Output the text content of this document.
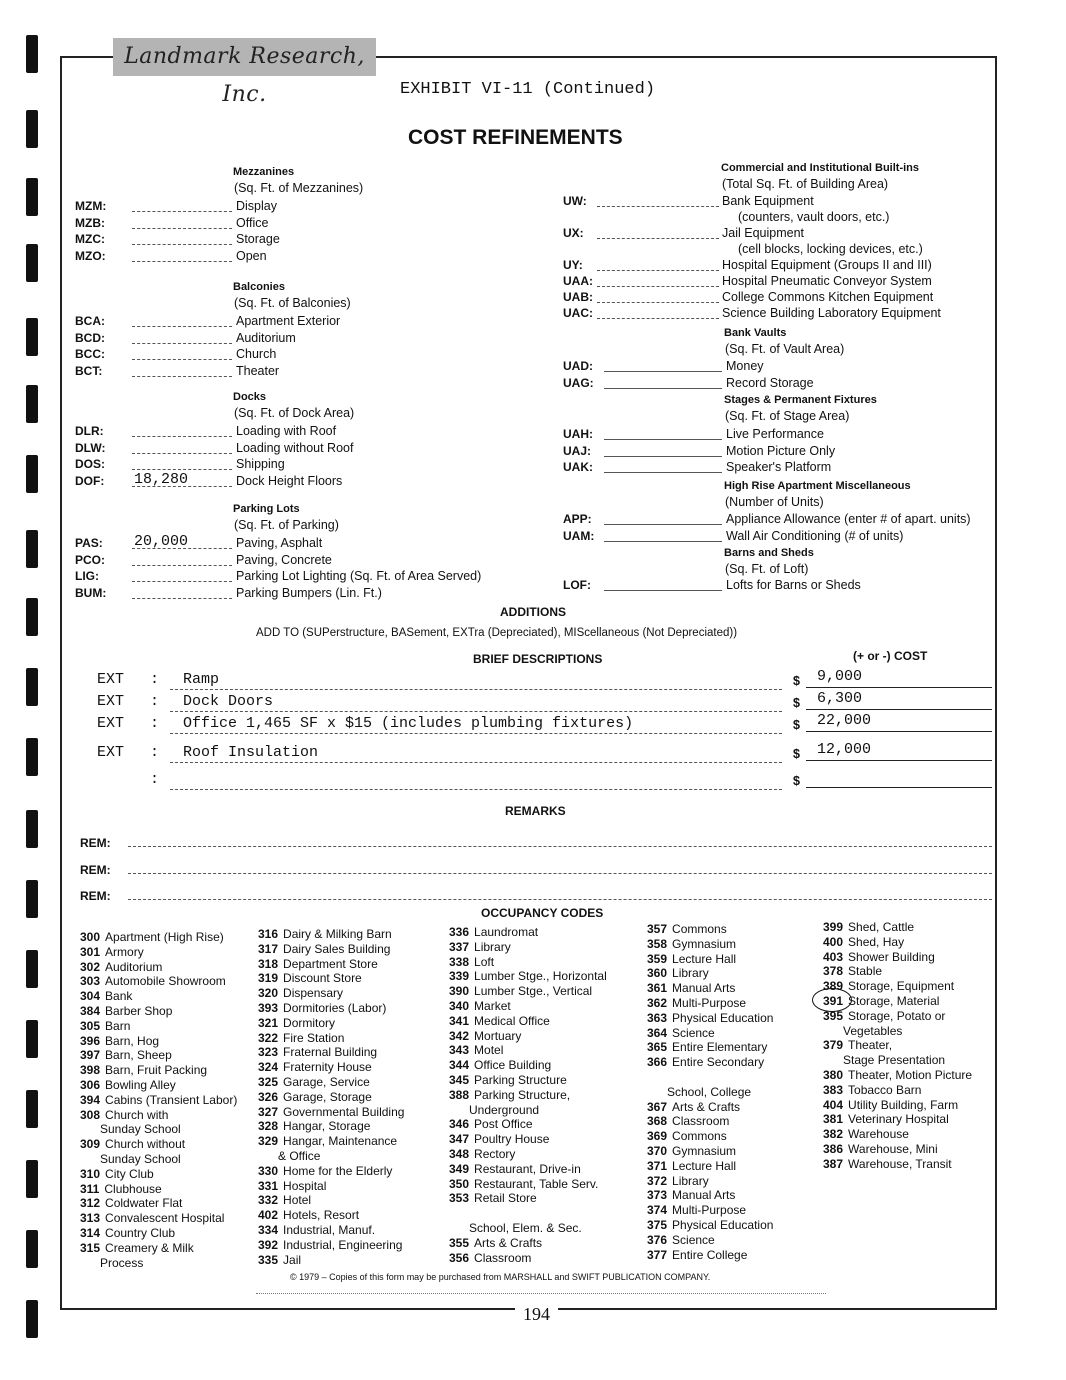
Landmark Research, Inc.	EXHIBIT VI-11 (Continued)
COST REFINEMENTS
Mezzanines
(Sq. Ft. of Mezzanines)
MZM:	Display
MZB:	Office
MZC:	Storage
MZO:	Open
Balconies
(Sq. Ft. of Balconies)
BCA:	Apartment Exterior
BCD:	Auditorium
BCC:	Church
BCT:	Theater
Docks
(Sq. Ft. of Dock Area)
DLR:	Loading with Roof
DLW:	Loading without Roof
DOS:	Shipping
DOF: 18,280	Dock Height Floors
Parking Lots
(Sq. Ft. of Parking)
PAS: 20,000	Paving, Asphalt
PCO:	Paving, Concrete
LIG:	Parking Lot Lighting (Sq. Ft. of Area Served)
BUM:	Parking Bumpers (Lin. Ft.)
Commercial and Institutional Built-ins
(Total Sq. Ft. of Building Area)
UW:	Bank Equipment
(counters, vault doors, etc.)
UX:	Jail Equipment
(cell blocks, locking devices, etc.)
UY:	Hospital Equipment (Groups II and III)
UAA:	Hospital Pneumatic Conveyor System
UAB:	College Commons Kitchen Equipment
UAC:	Science Building Laboratory Equipment
Bank Vaults
(Sq. Ft. of Vault Area)
UAD:	Money
UAG:	Record Storage
Stages & Permanent Fixtures
(Sq. Ft. of Stage Area)
UAH:	Live Performance
UAJ:	Motion Picture Only
UAK:	Speaker's Platform
High Rise Apartment Miscellaneous
(Number of Units)
APP:	Appliance Allowance (enter # of apart. units)
UAM:	Wall Air Conditioning (# of units)
Barns and Sheds
(Sq. Ft. of Loft)
LOF:	Lofts for Barns or Sheds
ADDITIONS
ADD TO (SUPerstructure, BASement, EXTra (Depreciated), MIScellaneous (Not Depreciated))
BRIEF DESCRIPTIONS	(+ or -) COST
EXT : Ramp	$ 9,000
EXT : Dock Doors	$ 6,300
EXT : Office 1,465 SF x $15 (includes plumbing fixtures)	$ 22,000
EXT : Roof Insulation	$ 12,000
:	$
REMARKS
REM:
REM:
REM:
OCCUPANCY CODES
300 Apartment (High Rise)
301 Armory
302 Auditorium
303 Automobile Showroom
304 Bank
384 Barber Shop
305 Barn
396 Barn, Hog
397 Barn, Sheep
398 Barn, Fruit Packing
306 Bowling Alley
394 Cabins (Transient Labor)
308 Church with
Sunday School
309 Church without
Sunday School
310 City Club
311 Clubhouse
312 Coldwater Flat
313 Convalescent Hospital
314 Country Club
315 Creamery & Milk
Process
316 Dairy & Milking Barn
317 Dairy Sales Building
318 Department Store
319 Discount Store
320 Dispensary
393 Dormitories (Labor)
321 Dormitory
322 Fire Station
323 Fraternal Building
324 Fraternity House
325 Garage, Service
326 Garage, Storage
327 Governmental Building
328 Hangar, Storage
329 Hangar, Maintenance
& Office
330 Home for the Elderly
331 Hospital
332 Hotel
402 Hotels, Resort
334 Industrial, Manuf.
392 Industrial, Engineering
335 Jail
336 Laundromat
337 Library
338 Loft
339 Lumber Stge., Horizontal
390 Lumber Stge., Vertical
340 Market
341 Medical Office
342 Mortuary
343 Motel
344 Office Building
345 Parking Structure
388 Parking Structure,
Underground
346 Post Office
347 Poultry House
348 Rectory
349 Restaurant, Drive-in
350 Restaurant, Table Serv.
353 Retail Store
School, Elem. & Sec.
355 Arts & Crafts
356 Classroom
357 Commons
358 Gymnasium
359 Lecture Hall
360 Library
361 Manual Arts
362 Multi-Purpose
363 Physical Education
364 Science
365 Entire Elementary
366 Entire Secondary
School, College
367 Arts & Crafts
368 Classroom
369 Commons
370 Gymnasium
371 Lecture Hall
372 Library
373 Manual Arts
374 Multi-Purpose
375 Physical Education
376 Science
377 Entire College
399 Shed, Cattle
400 Shed, Hay
403 Shower Building
378 Stable
389 Storage, Equipment
391 Storage, Material
395 Storage, Potato or
Vegetables
379 Theater,
Stage Presentation
380 Theater, Motion Picture
383 Tobacco Barn
404 Utility Building, Farm
381 Veterinary Hospital
382 Warehouse
386 Warehouse, Mini
387 Warehouse, Transit
© 1979 – Copies of this form may be purchased from MARSHALL and SWIFT PUBLICATION COMPANY.
194
